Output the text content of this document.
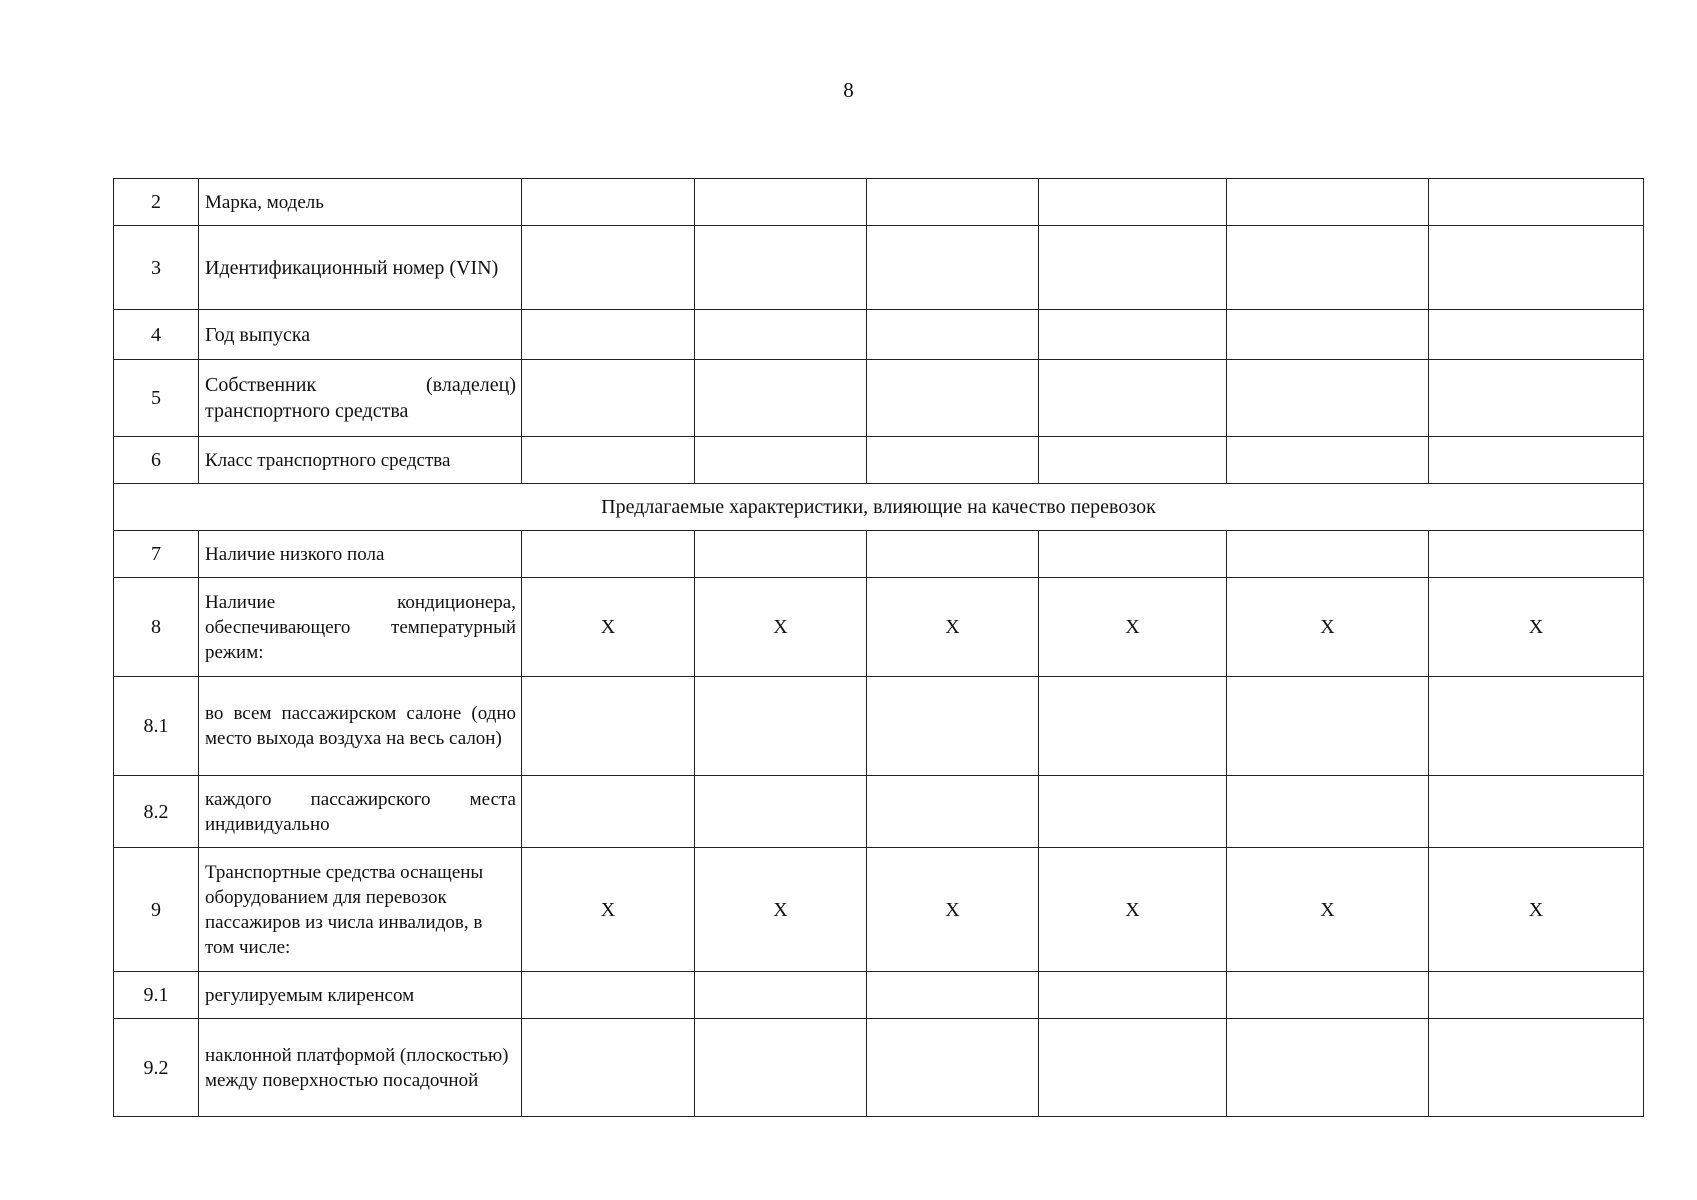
8
2	Марка, модель						
3	Идентификационный номер (VIN)						
4	Год выпуска						
5	Собственник (владелец) транспортного средства						
6	Класс транспортного средства						
Предлагаемые характеристики, влияющие на качество перевозок							
7	Наличие низкого пола						
8	Наличие кондиционера, обеспечивающего температурный режим:	X	X	X	X	X	X
8.1	во всем пассажирском салоне (одно место выхода воздуха на весь салон)						
8.2	каждого пассажирского места индивидуально						
9	Транспортные средства оснащены оборудованием для перевозок пассажиров из числа инвалидов, в том числе:	X	X	X	X	X	X
9.1	регулируемым клиренсом						
9.2	наклонной платформой (плоскостью) между поверхностью посадочной						
